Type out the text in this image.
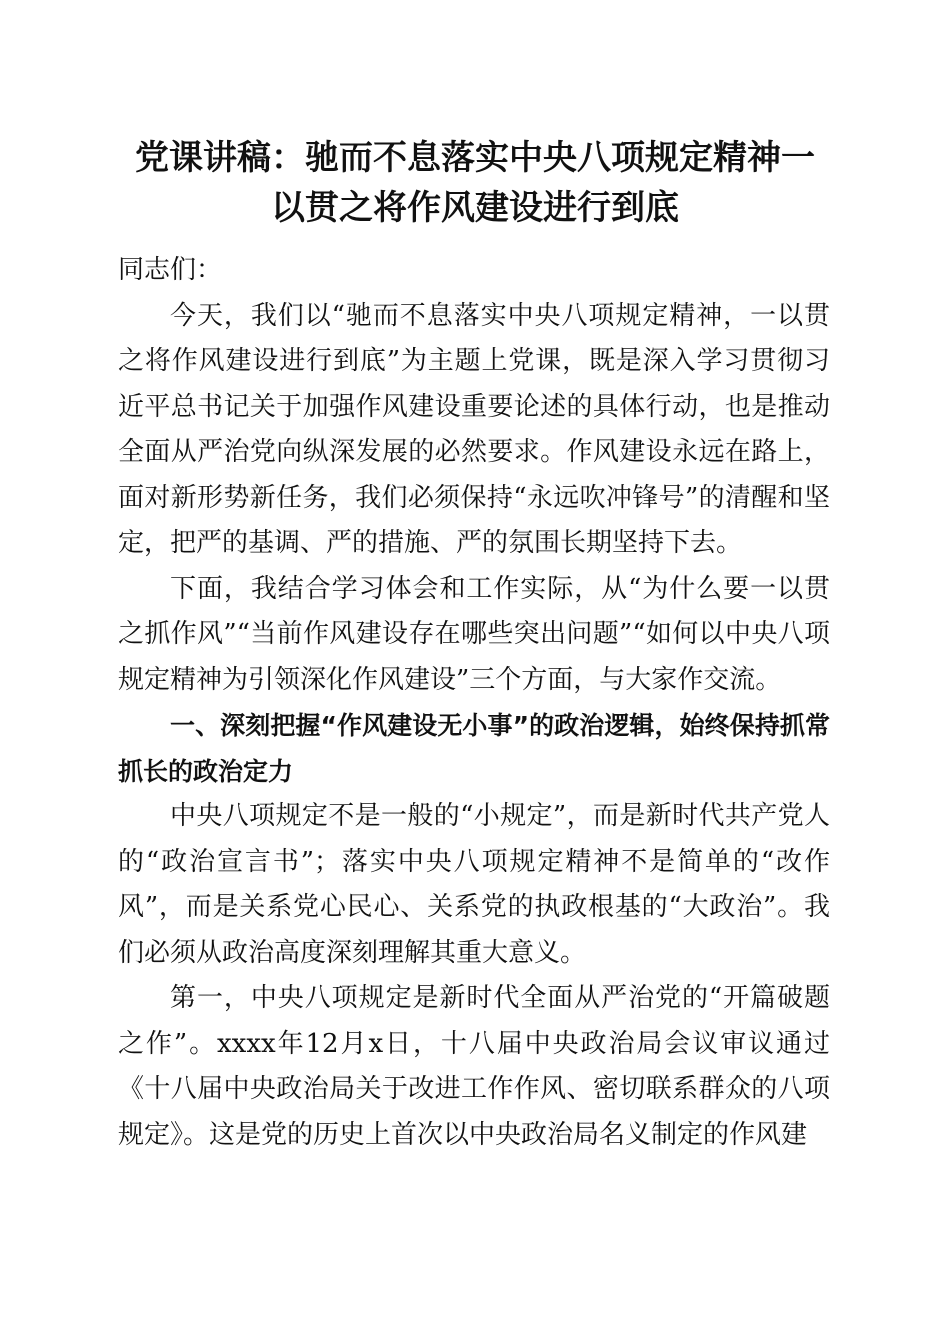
党课讲稿：驰而不息落实中央八项规定精神一
以贯之将作风建设进行到底

同志们：

今天，我们以“驰而不息落实中央八项规定精神，一以贯之将作风建设进行到底”为主题上党课，既是深入学习贯彻习近平总书记关于加强作风建设重要论述的具体行动，也是推动全面从严治党向纵深发展的必然要求。作风建设永远在路上，面对新形势新任务，我们必须保持“永远吹冲锋号”的清醒和坚定，把严的基调、严的措施、严的氛围长期坚持下去。

下面，我结合学习体会和工作实际，从“为什么要一以贯之抓作风”“当前作风建设存在哪些突出问题”“如何以中央八项规定精神为引领深化作风建设”三个方面，与大家作交流。

一、深刻把握“作风建设无小事”的政治逻辑，始终保持抓常抓长的政治定力

中央八项规定不是一般的“小规定”，而是新时代共产党人的“政治宣言书”；落实中央八项规定精神不是简单的“改作风”，而是关系党心民心、关系党的执政根基的“大政治”。我们必须从政治高度深刻理解其重大意义。

第一，中央八项规定是新时代全面从严治党的“开篇破题之作”。xxxx年12月x日，十八届中央政治局会议审议通过《十八届中央政治局关于改进工作作风、密切联系群众的八项规定》。这是党的历史上首次以中央政治局名义制定的作风建
